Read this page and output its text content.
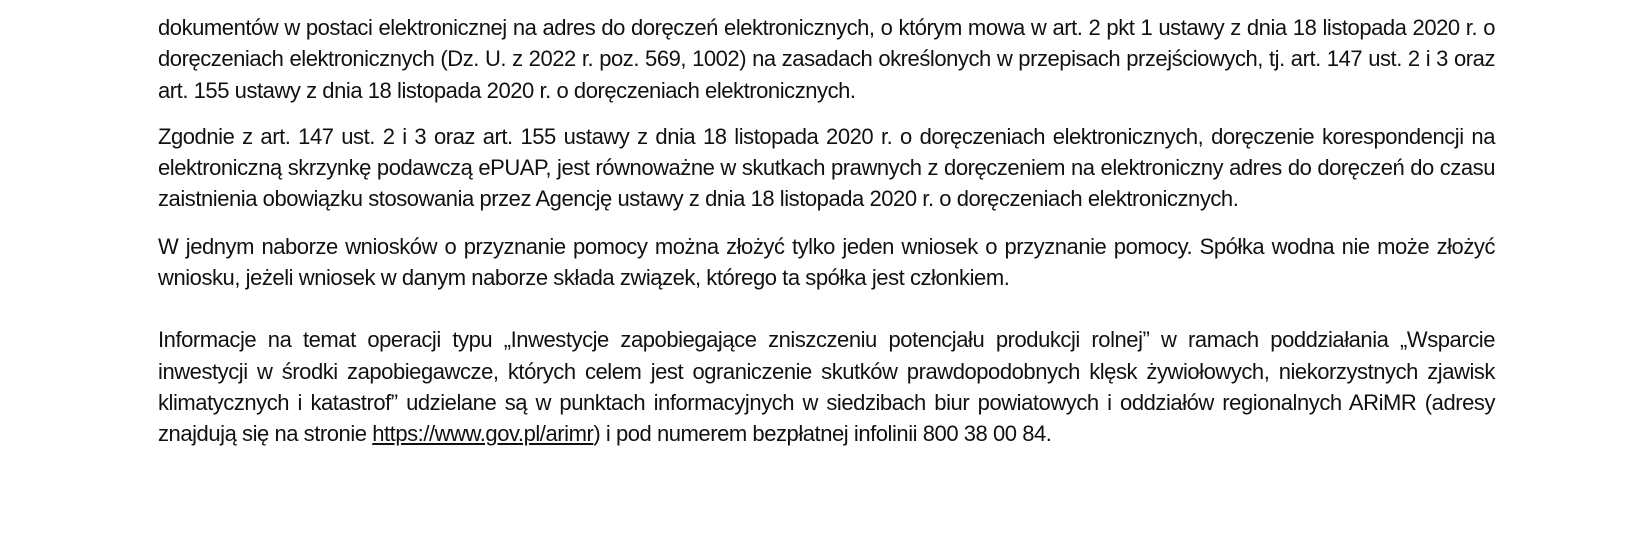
dokumentów w postaci elektronicznej na adres do doręczeń elektronicznych, o którym mowa w art. 2 pkt 1 ustawy z dnia 18 listopada 2020 r. o doręczeniach elektronicznych (Dz. U. z 2022 r. poz. 569, 1002) na zasadach określonych w przepisach przejściowych, tj. art. 147 ust. 2 i 3 oraz art. 155 ustawy z dnia 18 listopada 2020 r. o doręczeniach elektronicznych.

Zgodnie z art. 147 ust. 2 i 3 oraz art. 155 ustawy z dnia 18 listopada 2020 r. o doręczeniach elektronicznych, doręczenie korespondencji na elektroniczną skrzynkę podawczą ePUAP, jest równoważne w skutkach prawnych z doręczeniem na elektroniczny adres do doręczeń do czasu zaistnienia obowiązku stosowania przez Agencję ustawy z dnia 18 listopada 2020 r. o doręczeniach elektronicznych.

W jednym naborze wniosków o przyznanie pomocy można złożyć tylko jeden wniosek o przyznanie pomocy. Spółka wodna nie może złożyć wniosku, jeżeli wniosek w danym naborze składa związek, którego ta spółka jest członkiem.

Informacje na temat operacji typu „Inwestycje zapobiegające zniszczeniu potencjału produkcji rolnej” w ramach poddziałania „Wsparcie inwestycji w środki zapobiegawcze, których celem jest ograniczenie skutków prawdopodobnych klęsk żywiołowych, niekorzystnych zjawisk klimatycznych i katastrof” udzielane są w punktach informacyjnych w siedzibach biur powiatowych i oddziałów regionalnych ARiMR (adresy znajdują się na stronie https://www.gov.pl/arimr) i pod numerem bezpłatnej infolinii 800 38 00 84.
